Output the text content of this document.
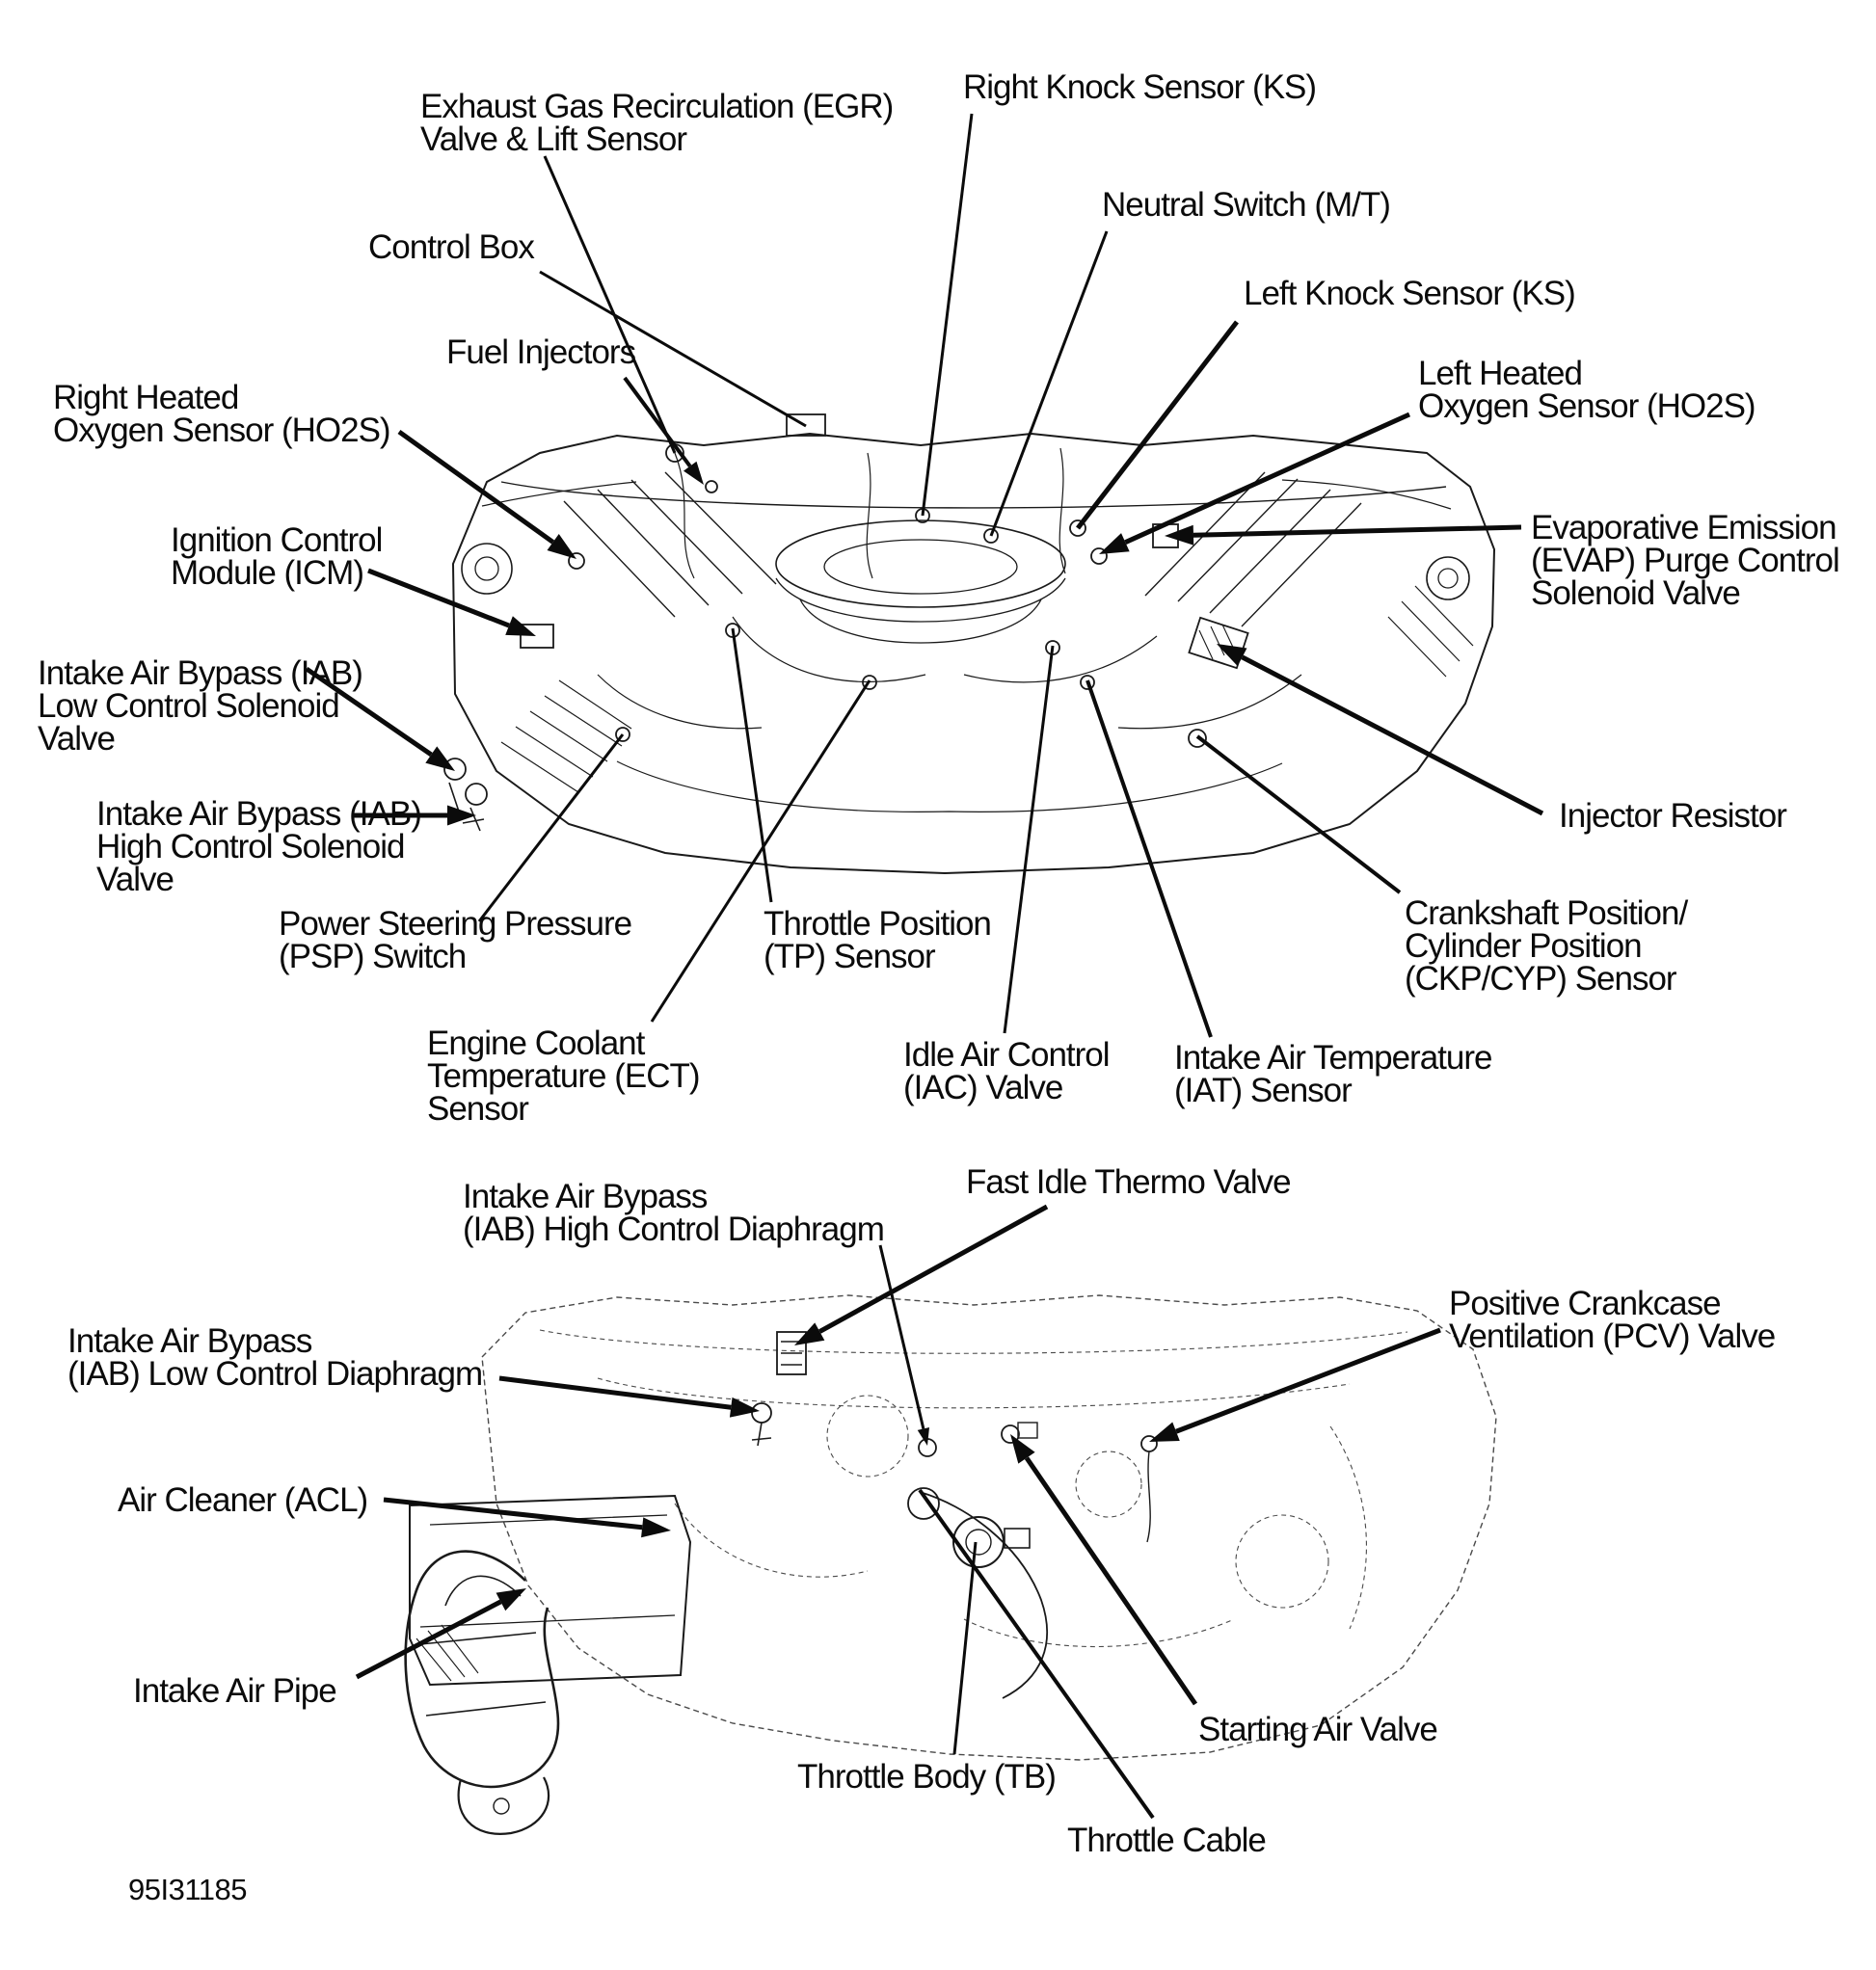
Exhaust Gas Recirculation (EGR)
Valve & Lift Sensor
Right Knock Sensor (KS)
Control Box
Neutral Switch (M/T)
Left Knock Sensor (KS)
Fuel Injectors
Right Heated
Oxygen Sensor (HO2S)
Left Heated
Oxygen Sensor (HO2S)
Ignition Control
Module (ICM)
Evaporative Emission
(EVAP) Purge Control
Solenoid Valve
Intake Air Bypass (IAB)
Low Control Solenoid
Valve
Intake Air Bypass (IAB)
High Control Solenoid
Valve
Injector Resistor
Power Steering Pressure
(PSP) Switch
Throttle Position
(TP) Sensor
Crankshaft Position/
Cylinder Position
(CKP/CYP) Sensor
Engine Coolant
Temperature (ECT)
Sensor
Idle Air Control
(IAC) Valve
Intake Air Temperature
(IAT) Sensor
Intake Air Bypass
(IAB) High Control Diaphragm
Fast Idle Thermo Valve
Positive Crankcase
Ventilation (PCV) Valve
Intake Air Bypass
(IAB) Low Control Diaphragm
Air Cleaner (ACL)
Intake Air Pipe
Starting Air Valve
Throttle Body (TB)
Throttle Cable
95I31185
